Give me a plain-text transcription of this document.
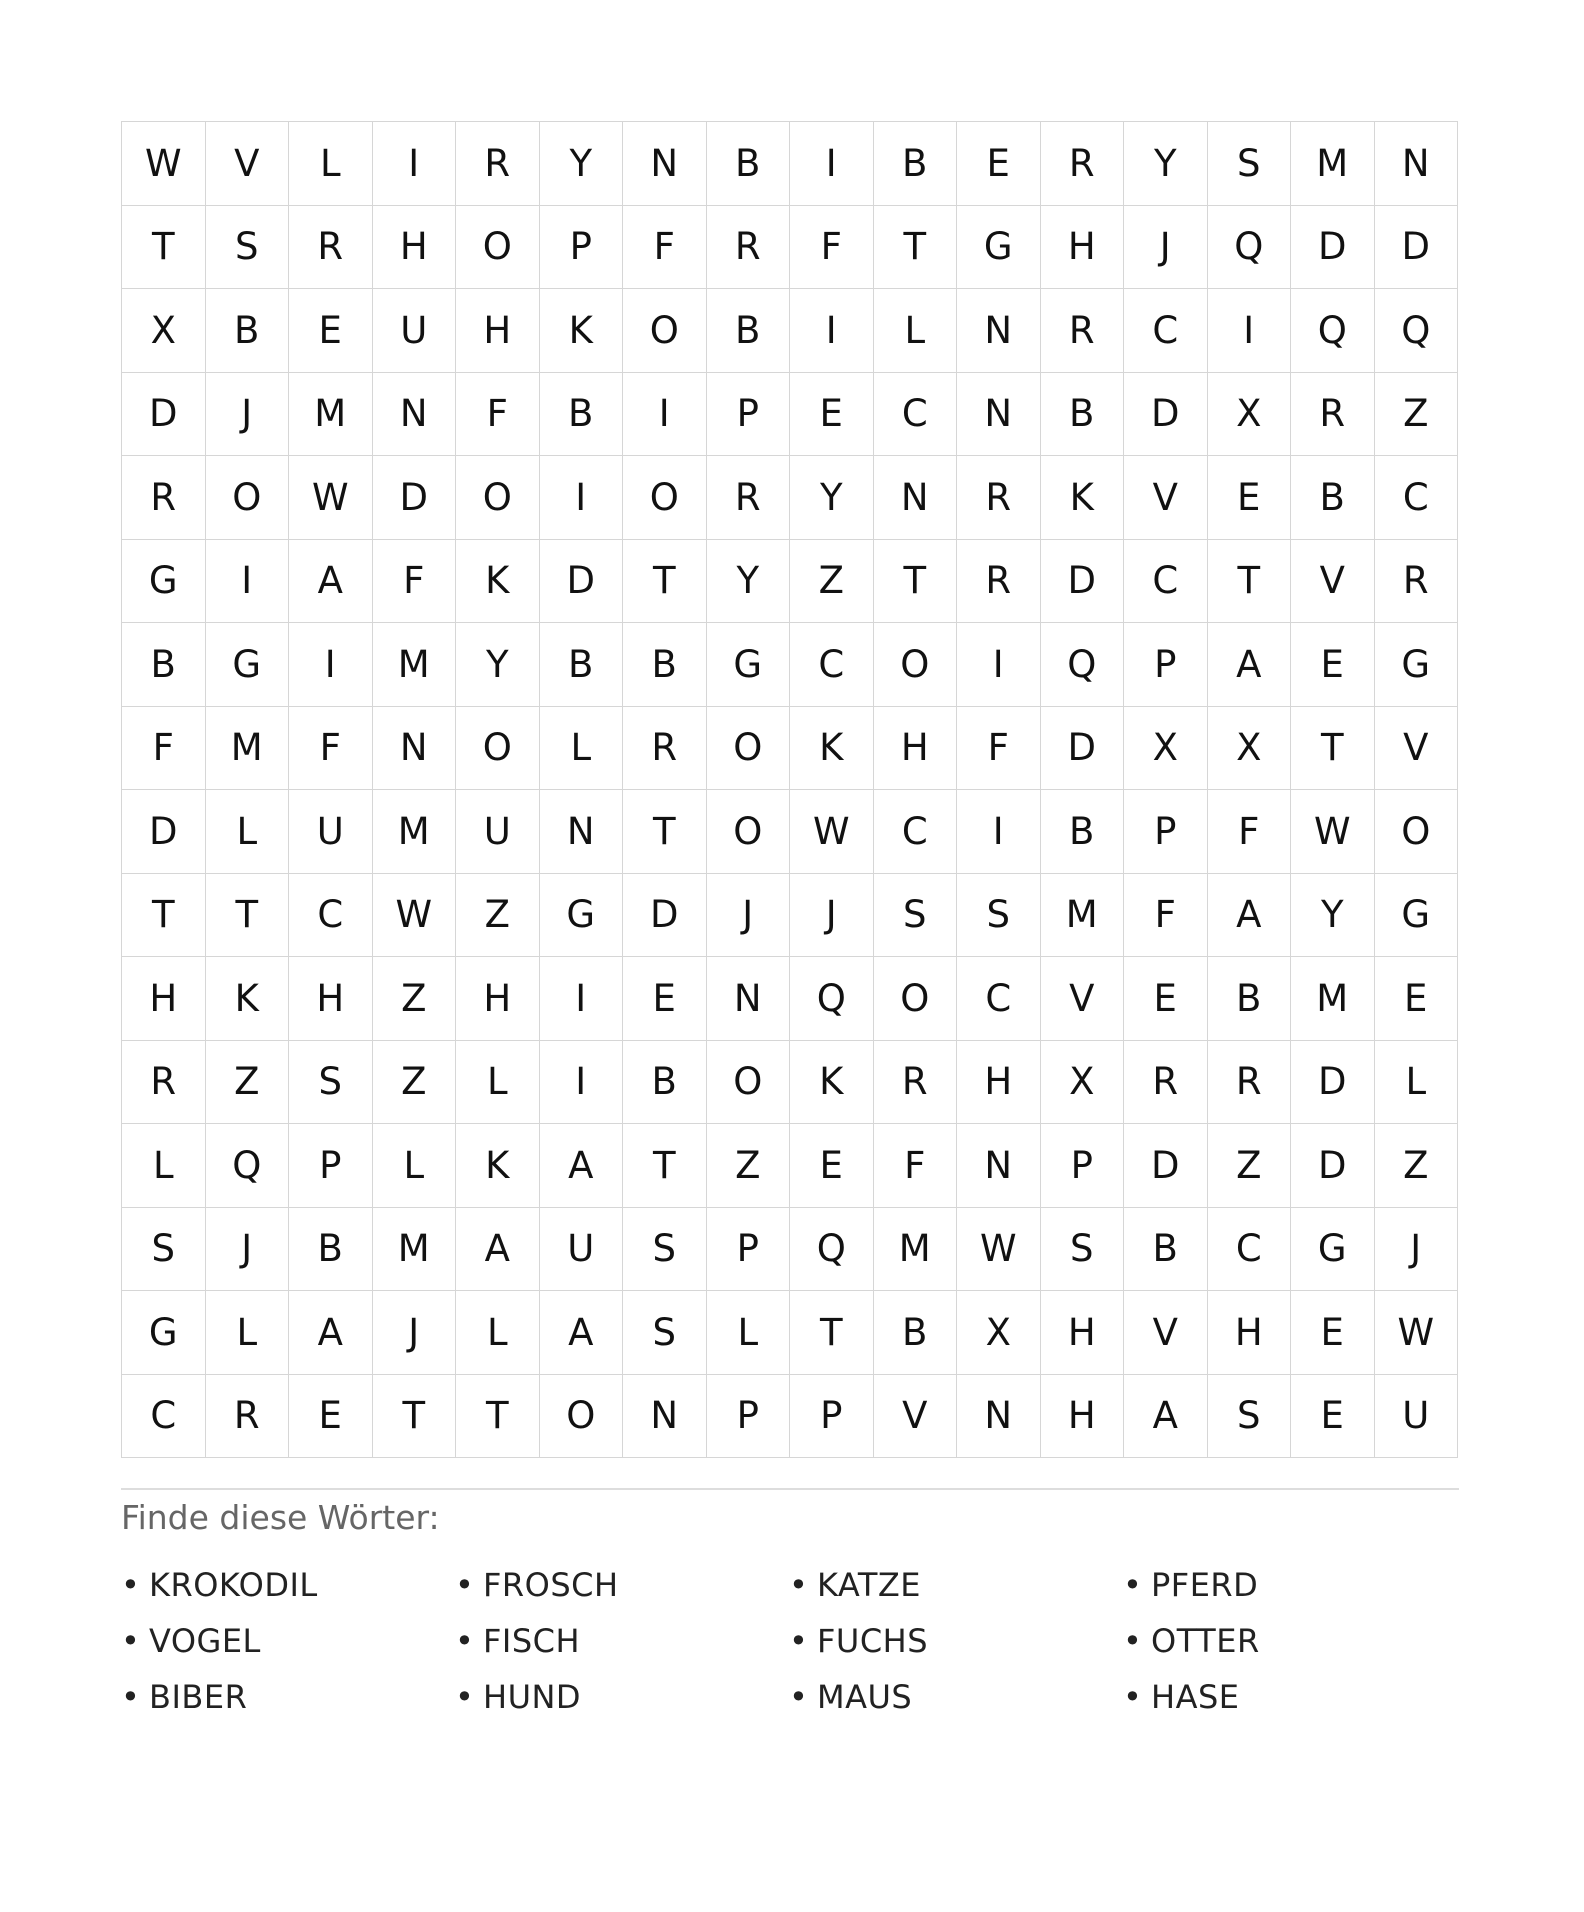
W	V	L	I	R	Y	N	B	I	B	E	R	Y	S	M	N
T	S	R	H	O	P	F	R	F	T	G	H	J	Q	D	D
X	B	E	U	H	K	O	B	I	L	N	R	C	I	Q	Q
D	J	M	N	F	B	I	P	E	C	N	B	D	X	R	Z
R	O	W	D	O	I	O	R	Y	N	R	K	V	E	B	C
G	I	A	F	K	D	T	Y	Z	T	R	D	C	T	V	R
B	G	I	M	Y	B	B	G	C	O	I	Q	P	A	E	G
F	M	F	N	O	L	R	O	K	H	F	D	X	X	T	V
D	L	U	M	U	N	T	O	W	C	I	B	P	F	W	O
T	T	C	W	Z	G	D	J	J	S	S	M	F	A	Y	G
H	K	H	Z	H	I	E	N	Q	O	C	V	E	B	M	E
R	Z	S	Z	L	I	B	O	K	R	H	X	R	R	D	L
L	Q	P	L	K	A	T	Z	E	F	N	P	D	Z	D	Z
S	J	B	M	A	U	S	P	Q	M	W	S	B	C	G	J
G	L	A	J	L	A	S	L	T	B	X	H	V	H	E	W
C	R	E	T	T	O	N	P	P	V	N	H	A	S	E	U
Finde diese Wörter:
• KROKODIL	• FROSCH	• KATZE	• PFERD
• VOGEL	• FISCH	• FUCHS	• OTTER
• BIBER	• HUND	• MAUS	• HASE
